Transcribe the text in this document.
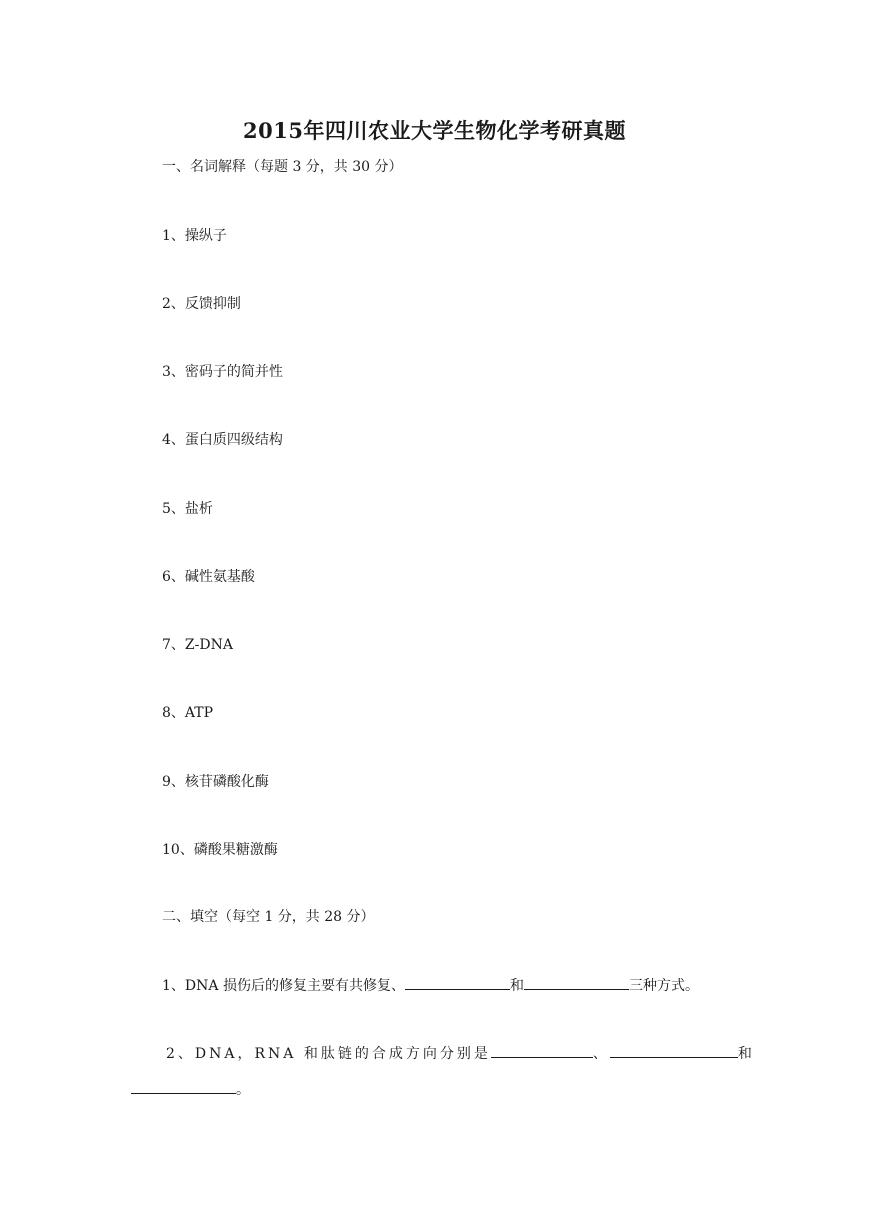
2015年四川农业大学生物化学考研真题
一、名词解释（每题 3 分，共 30 分）
1、操纵子
2、反馈抑制
3、密码子的简并性
4、蛋白质四级结构
5、盐析
6、碱性氨基酸
7、Z-DNA
8、ATP
9、核苷磷酸化酶
10、磷酸果糖激酶
二、填空（每空 1 分，共 28 分）
1、DNA 损伤后的修复主要有共修复、	和	三种方式。
2、DNA，RNA 和肽链的合成方向分别是	、	和
。
